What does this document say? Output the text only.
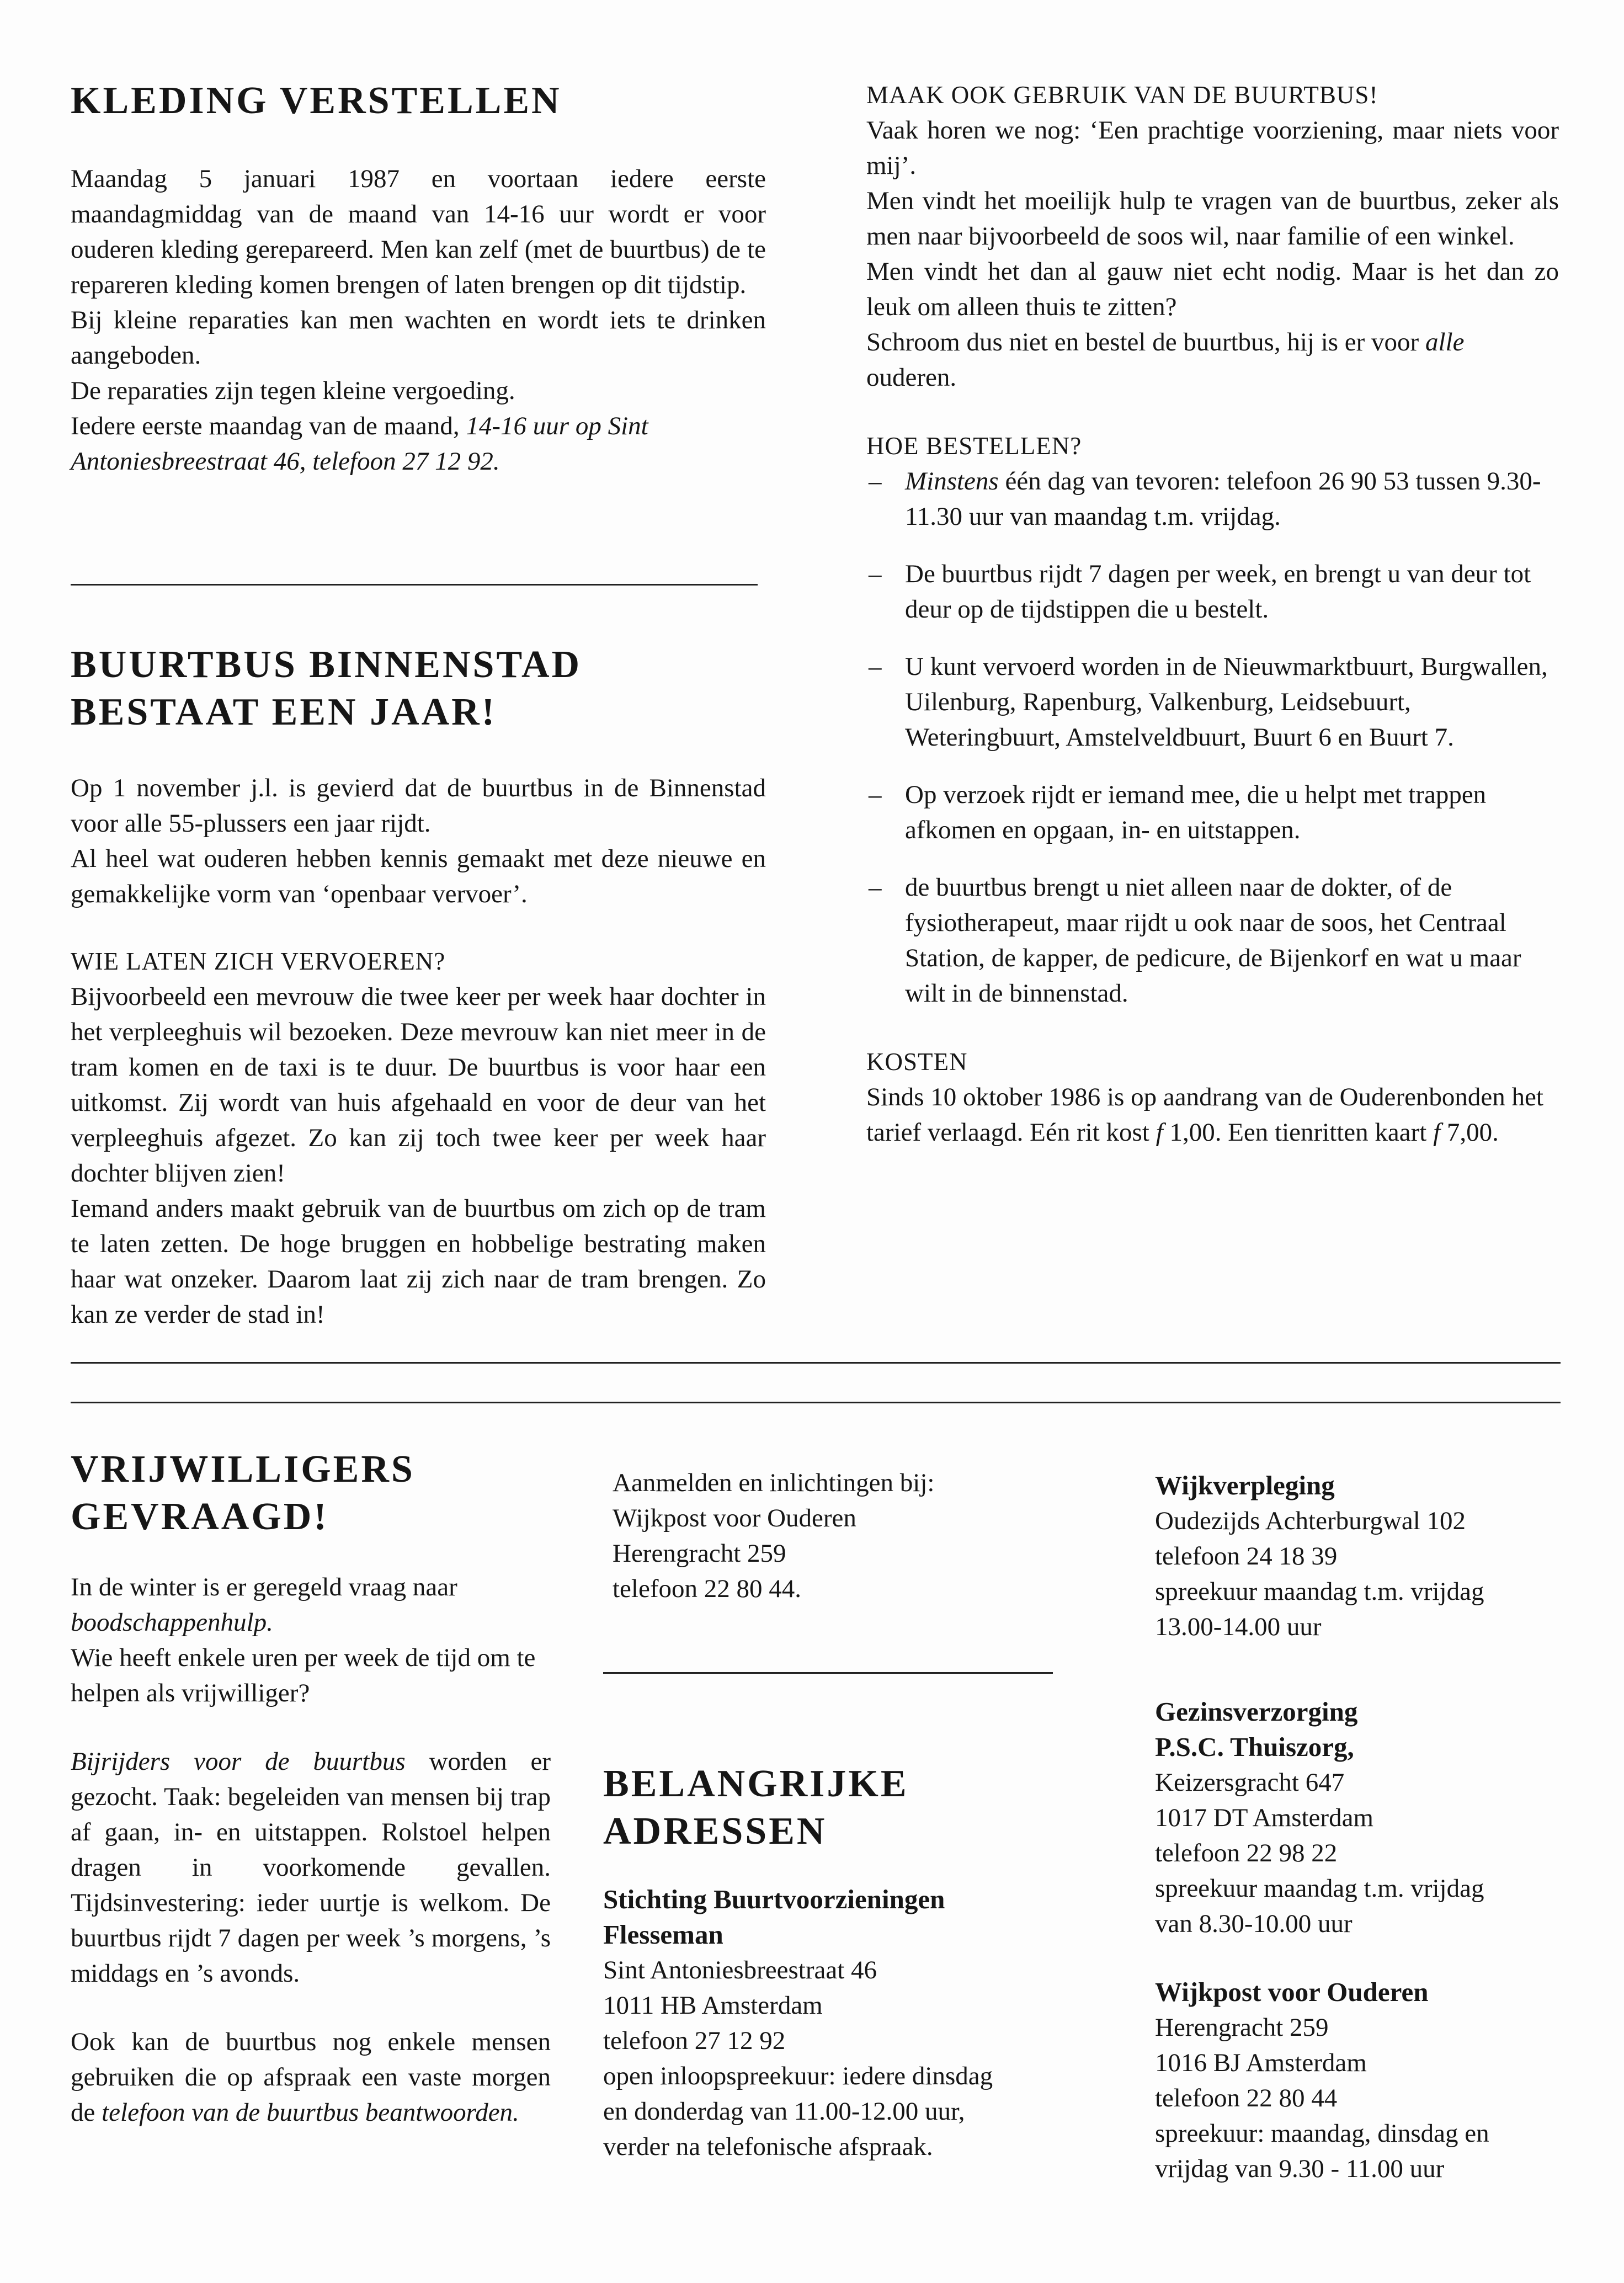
KLEDING VERSTELLEN

Maandag 5 januari 1987 en voortaan iedere eerste maandagmiddag van de maand van 14-16 uur wordt er voor ouderen kleding gerepareerd. Men kan zelf (met de buurtbus) de te repareren kleding komen brengen of laten brengen op dit tijdstip.

Bij kleine reparaties kan men wachten en wordt iets te drinken aangeboden.

De reparaties zijn tegen kleine vergoeding.

Iedere eerste maandag van de maand, 14-16 uur op Sint Antoniesbreestraat 46, telefoon 27 12 92.

BUURTBUS BINNENSTAD
BESTAAT EEN JAAR!

Op 1 november j.l. is gevierd dat de buurtbus in de Binnenstad voor alle 55-plussers een jaar rijdt.

Al heel wat ouderen hebben kennis gemaakt met deze nieuwe en gemakkelijke vorm van ‘openbaar vervoer’.

WIE LATEN ZICH VERVOEREN?

Bijvoorbeeld een mevrouw die twee keer per week haar dochter in het verpleeghuis wil bezoeken. Deze mevrouw kan niet meer in de tram komen en de taxi is te duur. De buurtbus is voor haar een uitkomst. Zij wordt van huis afgehaald en voor de deur van het verpleeghuis afgezet. Zo kan zij toch twee keer per week haar dochter blijven zien!

Iemand anders maakt gebruik van de buurtbus om zich op de tram te laten zetten. De hoge bruggen en hobbelige bestrating maken haar wat onzeker. Daarom laat zij zich naar de tram brengen. Zo kan ze verder de stad in!

MAAK OOK GEBRUIK VAN DE BUURTBUS!

Vaak horen we nog: ‘Een prachtige voorziening, maar niets voor mij’.

Men vindt het moeilijk hulp te vragen van de buurtbus, zeker als men naar bijvoorbeeld de soos wil, naar familie of een winkel.

Men vindt het dan al gauw niet echt nodig. Maar is het dan zo leuk om alleen thuis te zitten?

Schroom dus niet en bestel de buurtbus, hij is er voor alle ouderen.

HOE BESTELLEN?

– Minstens één dag van tevoren: telefoon 26 90 53 tussen 9.30-11.30 uur van maandag t.m. vrijdag.
– De buurtbus rijdt 7 dagen per week, en brengt u van deur tot deur op de tijdstippen die u bestelt.
– U kunt vervoerd worden in de Nieuwmarktbuurt, Burgwallen, Uilenburg, Rapenburg, Valkenburg, Leidsebuurt, Weteringbuurt, Amstelveldbuurt, Buurt 6 en Buurt 7.
– Op verzoek rijdt er iemand mee, die u helpt met trappen afkomen en opgaan, in- en uitstappen.
– de buurtbus brengt u niet alleen naar de dokter, of de fysiotherapeut, maar rijdt u ook naar de soos, het Centraal Station, de kapper, de pedicure, de Bijenkorf en wat u maar wilt in de binnenstad.

KOSTEN

Sinds 10 oktober 1986 is op aandrang van de Ouderenbonden het tarief verlaagd. Eén rit kost f 1,00. Een tienritten kaart f 7,00.

VRIJWILLIGERS
GEVRAAGD!

In de winter is er geregeld vraag naar boodschappenhulp.

Wie heeft enkele uren per week de tijd om te helpen als vrijwilliger?

Bijrijders voor de buurtbus worden er gezocht. Taak: begeleiden van mensen bij trap af gaan, in- en uitstappen. Rolstoel helpen dragen in voorkomende gevallen. Tijdsinvestering: ieder uurtje is welkom. De buurtbus rijdt 7 dagen per week ’s morgens, ’s middags en ’s avonds.

Ook kan de buurtbus nog enkele mensen gebruiken die op afspraak een vaste morgen de telefoon van de buurtbus beantwoorden.

Aanmelden en inlichtingen bij:

Wijkpost voor Ouderen

Herengracht 259

telefoon 22 80 44.

BELANGRIJKE
ADRESSEN

Stichting Buurtvoorzieningen

Flesseman

Sint Antoniesbreestraat 46

1011 HB Amsterdam

telefoon 27 12 92

open inloopspreekuur: iedere dinsdag

en donderdag van 11.00-12.00 uur,

verder na telefonische afspraak.

Wijkverpleging

Oudezijds Achterburgwal 102

telefoon 24 18 39

spreekuur maandag t.m. vrijdag

13.00-14.00 uur

Gezinsverzorging

P.S.C. Thuiszorg,

Keizersgracht 647

1017 DT Amsterdam

telefoon 22 98 22

spreekuur maandag t.m. vrijdag

van 8.30-10.00 uur

Wijkpost voor Ouderen

Herengracht 259

1016 BJ Amsterdam

telefoon 22 80 44

spreekuur: maandag, dinsdag en

vrijdag van 9.30 - 11.00 uur
